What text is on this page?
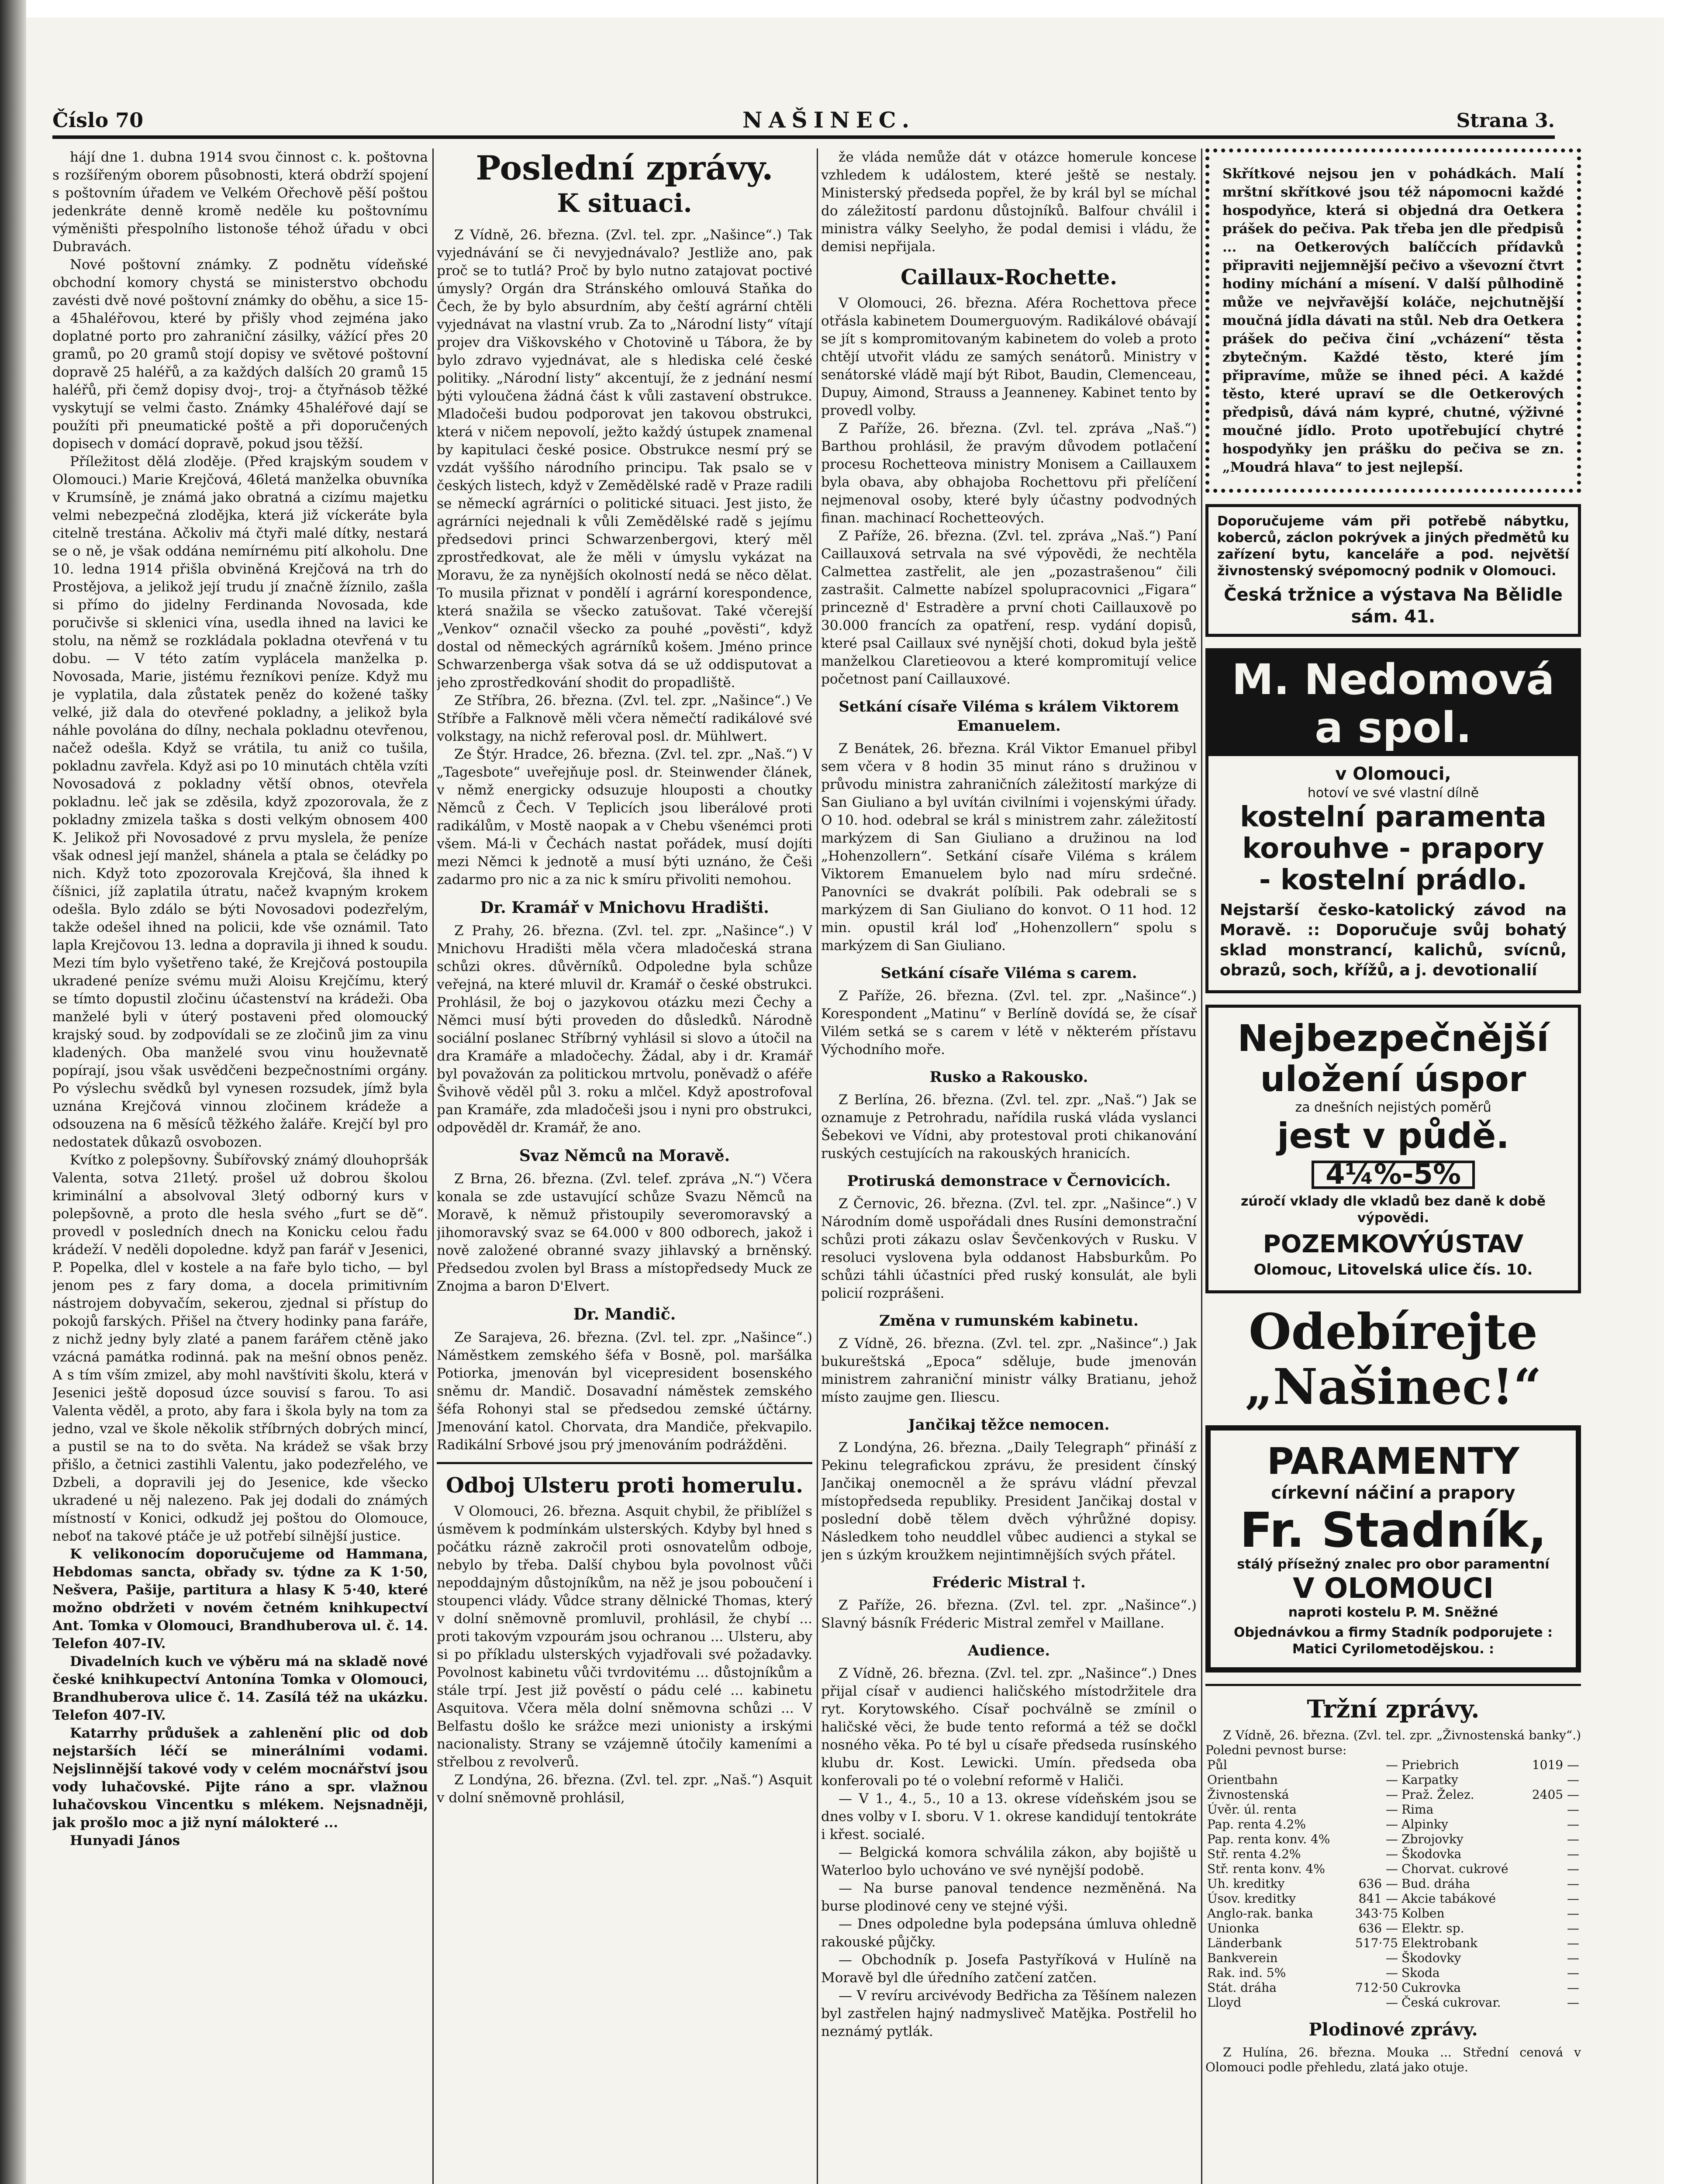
Číslo 70	NAŠINEC.	Strana 3.

hájí dne 1. dubna 1914 svou činnost c. k. poštovna s rozšířeným oborem působnosti, která obdrží spojení s poštovním úřadem ve Velkém Ořechově pěší poštou jedenkráte denně kromě neděle ku poštovnímu výměništi přespolního listonoše téhož úřadu v obci Dubravách.

Nové poštovní známky. Z podnětu vídeňské obchodní komory chystá se ministerstvo obchodu zavésti dvě nové poštovní známky do oběhu, a sice 15- a 45haléřovou, které by přišly vhod zejména jako doplatné porto pro zahraniční zásilky, vážící přes 20 gramů, po 20 gramů stojí dopisy ve světové poštovní dopravě 25 haléřů, a za každých dalších 20 gramů 15 haléřů, při čemž dopisy dvoj-, troj- a čtyřnásob těžké vyskytují se velmi často. Známky 45haléřové dají se použíti při pneumatické poště a při doporučených dopisech v domácí dopravě, pokud jsou těžší.

Příležitost dělá zloděje. (Před krajským soudem v Olomouci.) Marie Krejčová, 46letá manželka obuvníka v Krumsíně, je známá jako obratná a cizímu majetku velmi nebezpečná zlodějka, která již víckeráte byla citelně trestána. Ačkoliv má čtyři malé dítky, nestará se o ně, je však oddána nemírnému pití alkoholu. Dne 10. ledna 1914 přišla obviněná Krejčová na trh do Prostějova, a jelikož její trudu jí značně žíznilo, zašla si přímo do jidelny Ferdinanda Novosada, kde poručivše si sklenici vína, usedla ihned na lavici ke stolu, na němž se rozkládala pokladna otevřená v tu dobu. — V této zatím vyplácela manželka p. Novosada, Marie, jistému řezníkovi peníze. Když mu je vyplatila, dala zůstatek peněz do kožené tašky velké, již dala do otevřené pokladny, a jelikož byla náhle povolána do dílny, nechala pokladnu otevřenou, načež odešla. Když se vrátila, tu aniž co tušila, pokladnu zavřela. Když asi po 10 minutách chtěla vzíti Novosadová z pokladny větší obnos, otevřela pokladnu. leč jak se zděsila, když zpozorovala, že z pokladny zmizela taška s dosti velkým obnosem 400 K. Jelikož při Novosadové z prvu myslela, že peníze však odnesl její manžel, shánela a ptala se čeládky po nich. Když toto zpozorovala Krejčová, šla ihned k číšnici, jíž zaplatila útratu, načež kvapným krokem odešla. Bylo zdálo se býti Novosadovi podezřelým, takže odešel ihned na policii, kde vše oznámil. Tato lapla Krejčovou 13. ledna a dopravila ji ihned k soudu. Mezi tím bylo vyšetřeno také, že Krejčová postoupila ukradené peníze svému muži Aloisu Krejčímu, který se tímto dopustil zločinu účastenství na krádeži. Oba manželé byli v úterý postaveni před olomoucký krajský soud. by zodpovídali se ze zločinů jim za vinu kladených. Oba manželé svou vinu houževnatě popírají, jsou však usvědčeni bezpečnostními orgány. Po výslechu svědků byl vynesen rozsudek, jímž byla uznána Krejčová vinnou zločinem krádeže a odsouzena na 6 měsíců těžkého žaláře. Krejčí byl pro nedostatek důkazů osvobozen.

Kvítko z polepšovny. Šubířovský známý dlouhopršák Valenta, sotva 21letý. prošel už dobrou školou kriminální a absolvoval 3letý odborný kurs v polepšovně, a proto dle hesla svého „furt se dě“. provedl v posledních dnech na Konicku celou řadu krádeží. V neděli dopoledne. když pan farář v Jesenici, P. Popelka, dlel v kostele a na faře bylo ticho, — byl jenom pes z fary doma, a docela primitivním nástrojem dobyvačím, sekerou, zjednal si přístup do pokojů farských. Přišel na čtvery hodinky pana faráře, z nichž jedny byly zlaté a panem farářem ctěně jako vzácná památka rodinná. pak na mešní obnos peněz. A s tím vším zmizel, aby mohl navštíviti školu, která v Jesenici ještě doposud úzce souvisí s farou. To asi Valenta věděl, a proto, aby fara i škola byly na tom za jedno, vzal ve škole několik stříbrných dobrých mincí, a pustil se na to do světa. Na krádež se však brzy přišlo, a četnici zastihli Valentu, jako podezřelého, ve Dzbeli, a dopravili jej do Jesenice, kde všecko ukradené u něj nalezeno. Pak jej dodali do známých místností v Konici, odkudž jej poštou do Olomouce, neboť na takové ptáče je už potřebí silnější justice.

K velikonocím doporučujeme od Hammana, Hebdomas sancta, obřady sv. týdne za K 1·50, Nešvera, Pašije, partitura a hlasy K 5·40, které možno obdržeti v novém četném knihkupectví Ant. Tomka v Olomouci, Brandhuberova ul. č. 14. Telefon 407-IV.

Divadelních kuch ve výběru má na skladě nové české knihkupectví Antonína Tomka v Olomouci, Brandhuberova ulice č. 14. Zasílá též na ukázku. Telefon 407-IV.

Katarrhy průdušek a zahlenění plic od dob nejstarších léčí se minerálními vodami. Nejslinnější takové vody v celém mocnářství jsou vody luhačovské. Pijte ráno a spr. vlažnou luhačovskou Vincentku s mlékem. Nejsnadněji, jak prošlo moc a již nyní málokteré ...

Hunyadi János

Poslední zprávy.
K situaci.

Z Vídně, 26. března. (Zvl. tel. zpr. „Našince“.) Tak vyjednávání se či nevyjednávalo? Jestliže ano, pak proč se to tutlá? Proč by bylo nutno zatajovat poctivé úmysly? Orgán dra Stránského omlouvá Staňka do Čech, že by bylo absurdním, aby čeští agrární chtěli vyjednávat na vlastní vrub. Za to „Národní listy“ vítají projev dra Viškovského v Chotovině u Tábora, že by bylo zdravo vyjednávat, ale s hlediska celé české politiky. „Národní listy“ akcentují, že z jednání nesmí býti vyloučena žádná část k vůli zastavení obstrukce. Mladočeši budou podporovat jen takovou obstrukci, která v ničem nepovolí, ježto každý ústupek znamenal by kapitulaci české posice. Obstrukce nesmí prý se vzdát vyššího národního principu. Tak psalo se v českých listech, když v Zemědělské radě v Praze radili se německí agrárníci o politické situaci. Jest jisto, že agrárníci nejednali k vůli Zemědělské radě s jejímu předsedovi princi Schwarzenbergovi, který měl zprostředkovat, ale že měli v úmyslu vykázat na Moravu, že za nynějších okolností nedá se něco dělat. To musila přiznat v pondělí i agrární korespondence, která snažila se všecko zatušovat. Také včerejší „Venkov“ označil všecko za pouhé „pověsti“, když dostal od německých agrárníků košem. Jméno prince Schwarzenberga však sotva dá se už oddisputovat a jeho zprostředkování shodit do propadliště.

Ze Stříbra, 26. března. (Zvl. tel. zpr. „Našince“.) Ve Stříbře a Falknově měli včera němečtí radikálové své volkstagy, na nichž referoval posl. dr. Mühlwert.

Ze Štýr. Hradce, 26. března. (Zvl. tel. zpr. „Naš.“) V „Tagesbote“ uveřejňuje posl. dr. Steinwender článek, v němž energicky odsuzuje hlouposti a choutky Němců z Čech. V Teplicích jsou liberálové proti radikálům, v Mostě naopak a v Chebu všenémci proti všem. Má-li v Čechách nastat pořádek, musí dojíti mezi Němci k jednotě a musí býti uznáno, že Češi zadarmo pro nic a za nic k smíru přivoliti nemohou.

Dr. Kramář v Mnichovu Hradišti.

Z Prahy, 26. března. (Zvl. tel. zpr. „Našince“.) V Mnichovu Hradišti měla včera mladočeská strana schůzi okres. důvěrníků. Odpoledne byla schůze veřejná, na které mluvil dr. Kramář o české obstrukci. Prohlásil, že boj o jazykovou otázku mezi Čechy a Němci musí býti proveden do důsledků. Národně sociální poslanec Stříbrný vyhlásil si slovo a útočil na dra Kramáře a mladočechy. Žádal, aby i dr. Kramář byl považován za politickou mrtvolu, poněvadž o aféře Švihově věděl půl 3. roku a mlčel. Když apostrofoval pan Kramáře, zda mladočeši jsou i nyni pro obstrukci, odpověděl dr. Kramář, že ano.

Svaz Němců na Moravě.

Z Brna, 26. března. (Zvl. telef. zpráva „N.“) Včera konala se zde ustavující schůze Svazu Němců na Moravě, k němuž přistoupily severomoravský a jihomoravský svaz se 64.000 v 800 odborech, jakož i nově založené obranné svazy jihlavský a brněnský. Předsedou zvolen byl Brass a místopředsedy Muck ze Znojma a baron D'Elvert.

Dr. Mandič.

Ze Sarajeva, 26. března. (Zvl. tel. zpr. „Našince“.) Náměstkem zemského šéfa v Bosně, pol. maršálka Potiorka, jmenován byl vicepresident bosenského sněmu dr. Mandič. Dosavadní náměstek zemského šéfa Rohonyi stal se předsedou zemské účtárny. Jmenování katol. Chorvata, dra Mandiče, překvapilo. Radikální Srbové jsou prý jmenováním podrážděni.

Odboj Ulsteru proti homerulu.

V Olomouci, 26. března. Asquit chybil, že přiblížel s úsměvem k podmínkám ulsterských. Kdyby byl hned s počátku rázně zakročil proti osnovatelům odboje, nebylo by třeba. Další chybou byla povolnost vůči nepoddajným důstojníkům, na něž je jsou poboučení i stoupenci vlády. Vůdce strany dělnické Thomas, který v dolní sněmovně promluvil, prohlásil, že chybí ... proti takovým vzpourám jsou ochranou ... Ulsteru, aby si po příkladu ulsterských vyjadřovali své požadavky. Povolnost kabinetu vůči tvrdovitému ... důstojníkům a stále trpí. Jest již pověstí o pádu celé ... kabinetu Asquitova. Včera měla dolní sněmovna schůzi ... V Belfastu došlo ke srážce mezi unionisty a irskými nacionalisty. Strany se vzájemně útočily kameními a střelbou z revolverů.

Z Londýna, 26. března. (Zvl. tel. zpr. „Naš.“) Asquit v dolní sněmovně prohlásil,

že vláda nemůže dát v otázce homerule koncese vzhledem k událostem, které ještě se nestaly. Ministerský předseda popřel, že by král byl se míchal do záležitostí pardonu důstojníků. Balfour chválil i ministra války Seelyho, že podal demisi i vládu, že demisi nepřijala.

Caillaux-Rochette.

V Olomouci, 26. března. Aféra Rochettova přece otřásla kabinetem Doumerguovým. Radikálové obávají se jít s kompromitovaným kabinetem do voleb a proto chtějí utvořit vládu ze samých senátorů. Ministry v senátorské vládě mají být Ribot, Baudin, Clemenceau, Dupuy, Aimond, Strauss a Jeanneney. Kabinet tento by provedl volby.

Z Paříže, 26. března. (Zvl. tel. zpráva „Naš.“) Barthou prohlásil, že pravým důvodem potlačení procesu Rochetteova ministry Monisem a Caillauxem byla obava, aby obhajoba Rochettovu při přelíčení nejmenoval osoby, které byly účastny podvodných finan. machinací Rochetteových.

Z Paříže, 26. března. (Zvl. tel. zpráva „Naš.“) Paní Caillauxová setrvala na své výpovědi, že nechtěla Calmettea zastřelit, ale jen „pozastrašenou“ čili zastrašit. Calmette nabízel spolupracovnici „Figara“ princezně d' Estradère a první choti Caillauxově po 30.000 francích za opatření, resp. vydání dopisů, které psal Caillaux své nynější choti, dokud byla ještě manželkou Claretieovou a které kompromitují velice početnost paní Caillauxové.

Setkání císaře Viléma s králem Viktorem Emanuelem.

Z Benátek, 26. března. Král Viktor Emanuel přibyl sem včera v 8 hodin 35 minut ráno s družinou v průvodu ministra zahraničních záležitostí markýze di San Giuliano a byl uvítán civilními i vojenskými úřady. O 10. hod. odebral se král s ministrem zahr. záležitostí markýzem di San Giuliano a družinou na loď „Hohenzollern“. Setkání císaře Viléma s králem Viktorem Emanuelem bylo nad míru srdečné. Panovníci se dvakrát políbili. Pak odebrali se s markýzem di San Giuliano do konvot. O 11 hod. 12 min. opustil král loď „Hohenzollern“ spolu s markýzem di San Giuliano.

Setkání císaře Viléma s carem.

Z Paříže, 26. března. (Zvl. tel. zpr. „Našince“.) Korespondent „Matinu“ v Berlíně dovídá se, že císař Vilém setká se s carem v létě v některém přístavu Východního moře.

Rusko a Rakousko.

Z Berlína, 26. března. (Zvl. tel. zpr. „Naš.“) Jak se oznamuje z Petrohradu, nařídila ruská vláda vyslanci Šebekovi ve Vídni, aby protestoval proti chikanování ruských cestujících na rakouských hranicích.

Protiruská demonstrace v Černovicích.

Z Černovic, 26. března. (Zvl. tel. zpr. „Našince“.) V Národním domě uspořádali dnes Rusíni demonstrační schůzi proti zákazu oslav Ševčenkových v Rusku. V resoluci vyslovena byla oddanost Habsburkům. Po schůzi táhli účastníci před ruský konsulát, ale byli policií rozprášeni.

Změna v rumunském kabinetu.

Z Vídně, 26. března. (Zvl. tel. zpr. „Našince“.) Jak bukureštská „Epoca“ sděluje, bude jmenován ministrem zahraniční ministr války Bratianu, jehož místo zaujme gen. Iliescu.

Jančikaj těžce nemocen.

Z Londýna, 26. března. „Daily Telegraph“ přináší z Pekinu telegrafickou zprávu, že president čínský Jančikaj onemocněl a že správu vládní převzal místopředseda republiky. President Jančikaj dostal v poslední době tělem dvěch výhrůžné dopisy. Následkem toho neuddlel vůbec audienci a stykal se jen s úzkým kroužkem nejintimnějších svých přátel.

Fréderic Mistral †.

Z Paříže, 26. března. (Zvl. tel. zpr. „Našince“.) Slavný básník Fréderic Mistral zemřel v Maillane.

Audience.

Z Vídně, 26. března. (Zvl. tel. zpr. „Našince“.) Dnes přijal císař v audienci haličského místodržitele dra ryt. Korytowského. Císař pochválně se zmínil o haličské věci, že bude tento reformá a též se dočkl nosného věka. Po té byl u císaře předseda rusínského klubu dr. Kost. Lewicki. Umín. předseda oba konferovali po té o volební reformě v Haliči.

— V 1., 4., 5., 10 a 13. okrese vídeňském jsou se dnes volby v I. sboru. V 1. okrese kandidují tentokráte i křest. socialé.

— Belgická komora schválila zákon, aby bojiště u Waterloo bylo uchováno ve své nynější podobě.

— Na burse panoval tendence nezměněná. Na burse plodinové ceny ve stejné výši.

— Dnes odpoledne byla podepsána úmluva ohledně rakouské půjčky.

— Obchodník p. Josefa Pastyříková v Hulíně na Moravě byl dle úředního zatčení zatčen.

— V revíru arcivévody Bedřicha za Těšínem nalezen byl zastřelen hajný nadmysliveč Matějka. Postřelil ho neznámý pytlák.

Skřítkové nejsou jen v pohádkách. Malí mrštní skřítkové jsou též nápomocni každé hospodyňce, která si objedná dra Oetkera prášek do pečiva. Pak třeba jen dle předpisů ... na Oetkerových balíčcích přídavků připraviti nejjemnější pečivo a vševozní čtvrt hodiny míchání a mísení. V další půlhodině může ve nejvřavější koláče, nejchutnější moučná jídla dávati na stůl. Neb dra Oetkera prášek do pečiva činí „vcházení“ těsta zbytečným. Každé těsto, které jím připravíme, může se ihned péci. A každé těsto, které upraví se dle Oetkerových předpisů, dává nám kypré, chutné, výživné moučné jídlo. Proto upotřebující chytré hospodyňky jen prášku do pečiva se zn. „Moudrá hlava“ to jest nejlepší.
Doporučujeme vám při potřebě nábytku, koberců, záclon pokrývek a jiných předmětů ku zařízení bytu, kanceláře a pod. největší živnostenský svépomocný podnik v Olomouci.
Česká tržnice a výstava Na Bělidle sám. 41.
M. Nedomová a spol.
v Olomouci,
hotoví ve své vlastní dílně
kostelní paramenta
korouhve - prapory
- kostelní prádlo.
Nejstarší česko-katolický závod na Moravě. :: Doporučuje svůj bohatý sklad monstrancí, kalichů, svícnů, obrazů, soch, křížů, a j. devotionalií
Nejbezpečnější
uložení úspor
za dnešních nejistých poměrů
jest v půdě.
4¼%-5%
zúročí vklady dle vkladů bez daně k době výpovědi.
POZEMKOVÝÚSTAV
Olomouc, Litovelská ulice čís. 10.
Odebírejte „Našinec!“
PARAMENTY
církevní náčiní a prapory
Fr. Stadník,
stálý přísežný znalec pro obor paramentní
V OLOMOUCI
naproti kostelu P. M. Sněžné
Objednávkou a firmy Stadník podporujete : Matici Cyrilometodějskou. :
Tržní zprávy.

Z Vídně, 26. března. (Zvl. tel. zpr. „Živnostenská banky“.) Poledni pevnost burse:

Půl	—	Priebrich	1019 —
Orientbahn	—	Karpatky	—
Živnostenská	—	Praž. Želez.	2405 —
Úvěr. úl. renta	—	Rima	—
Pap. renta 4.2%	—	Alpinky	—
Pap. renta konv. 4%	—	Zbrojovky	—
Stř. renta 4.2%	—	Škodovka	—
Stř. renta konv. 4%	—	Chorvat. cukrové	—
Uh. kreditky	636 —	Bud. dráha	—
Úsov. kreditky	841 —	Akcie tabákové	—
Anglo-rak. banka	343·75	Kolben	—
Unionka	636 —	Elektr. sp.	—
Länderbank	517·75	Elektrobank	—
Bankverein	—	Škodovky	—
Rak. ind. 5%	—	Skoda	—
Stát. dráha	712·50	Cukrovka	—
Lloyd	—	Česká cukrovar.	—
Plodinové zprávy.

Z Hulína, 26. března. Mouka ... Střední cenová v Olomouci podle přehledu, zlatá jako otuje.
